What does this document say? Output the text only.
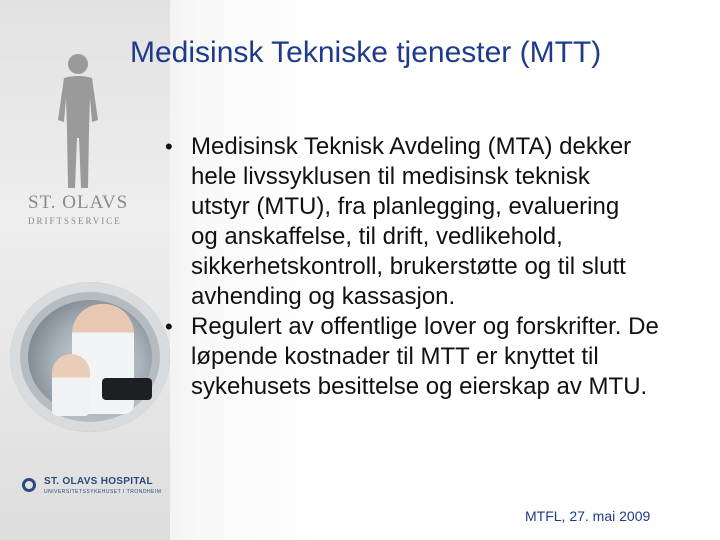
ST. OLAVS
DRIFTSSERVICE
ST. OLAVS HOSPITAL
UNIVERSITETSSYKEHUSET I TRONDHEIM
Medisinsk Tekniske tjenester (MTT)
• Medisinsk Teknisk Avdeling (MTA) dekker hele livssyklusen til medisinsk teknisk utstyr (MTU), fra planlegging, evaluering og anskaffelse, til drift, vedlikehold, sikkerhetskontroll, brukerstøtte og til slutt avhending og kassasjon.
• Regulert av offentlige lover og forskrifter. De løpende kostnader til MTT er knyttet til sykehusets besittelse og eierskap av MTU.
MTFL, 27. mai 2009
